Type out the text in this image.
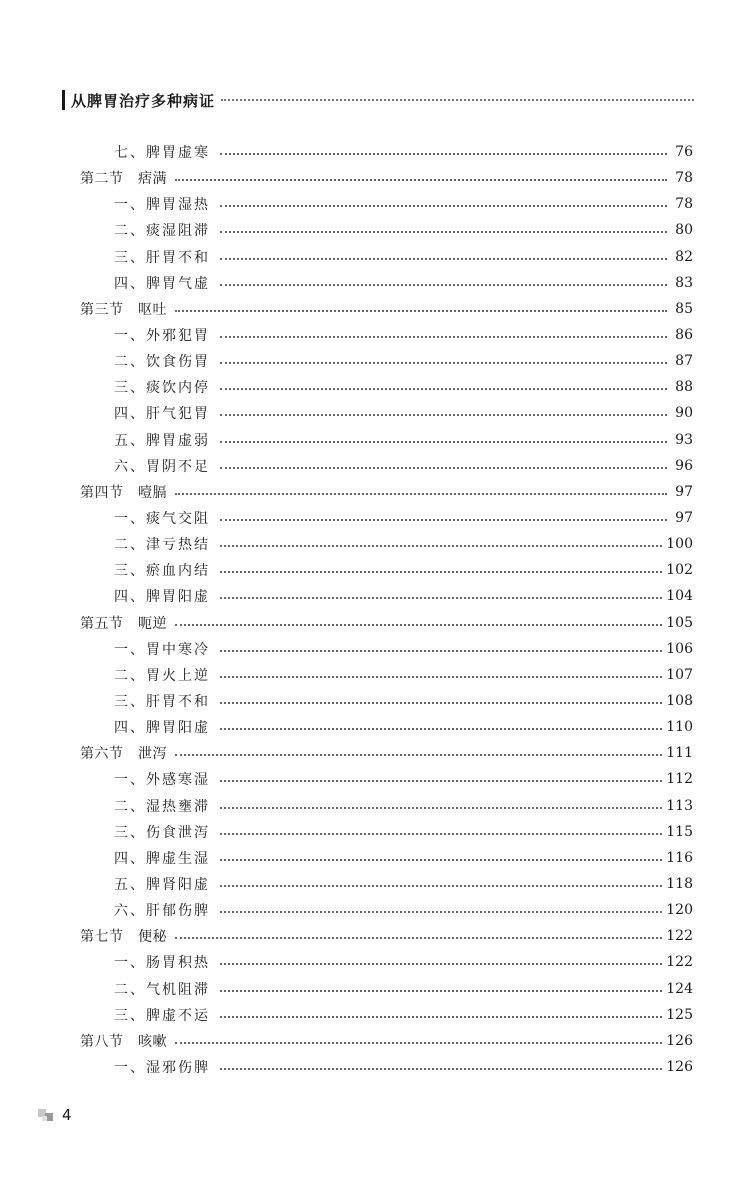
从脾胃治疗多种病证
七、脾胃虚寒	76
第二节　痞满	78
一、脾胃湿热	78
二、痰湿阻滞	80
三、肝胃不和	82
四、脾胃气虚	83
第三节　呕吐	85
一、外邪犯胃	86
二、饮食伤胃	87
三、痰饮内停	88
四、肝气犯胃	90
五、脾胃虚弱	93
六、胃阴不足	96
第四节　噎膈	97
一、痰气交阻	97
二、津亏热结	100
三、瘀血内结	102
四、脾胃阳虚	104
第五节　呃逆	105
一、胃中寒冷	106
二、胃火上逆	107
三、肝胃不和	108
四、脾胃阳虚	110
第六节　泄泻	111
一、外感寒湿	112
二、湿热壅滞	113
三、伤食泄泻	115
四、脾虚生湿	116
五、脾肾阳虚	118
六、肝郁伤脾	120
第七节　便秘	122
一、肠胃积热	122
二、气机阻滞	124
三、脾虚不运	125
第八节　咳嗽	126
一、湿邪伤脾	126
4
